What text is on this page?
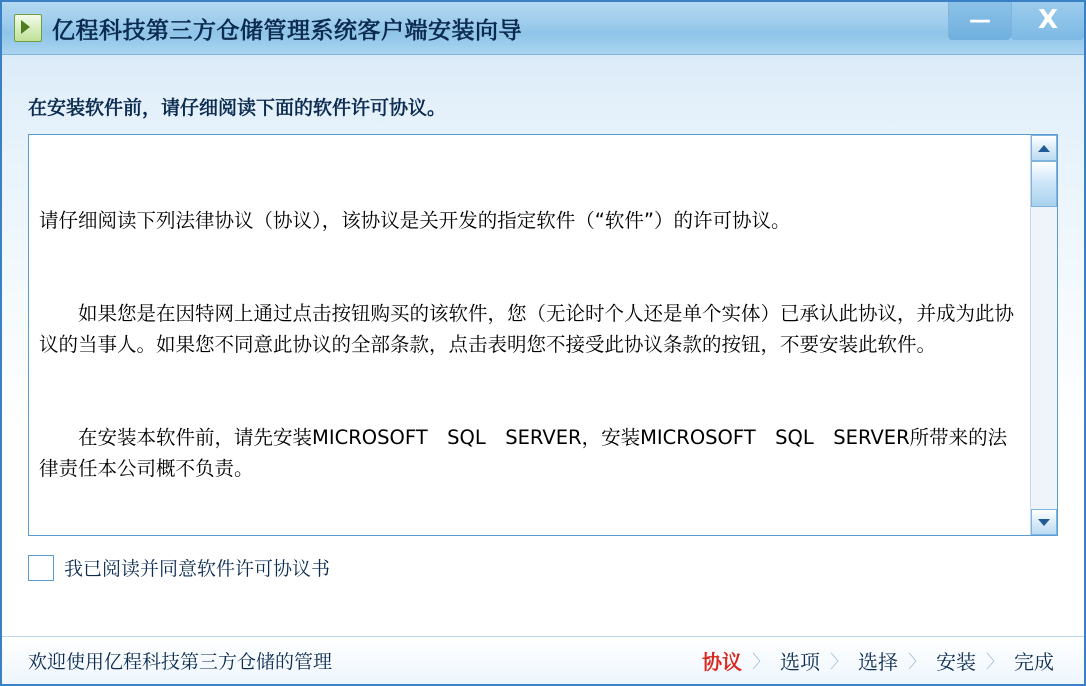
亿程科技第三方仓储管理系统客户端安装向导	—	X
在安装软件前，请仔细阅读下面的软件许可协议。

请仔细阅读下列法律协议（协议），该协议是关开发的指定软件（“软件”）的许可协议。

如果您是在因特网上通过点击按钮购买的该软件，您（无论时个人还是单个实体）已承认此协议，并成为此协议的当事人。如果您不同意此协议的全部条款，点击表明您不接受此协议条款的按钮，不要安装此软件。

在安装本软件前，请先安装MICROSOFT　SQL　SERVER，安装MICROSOFT　SQL　SERVER所带来的法律责任本公司概不负责。

我已阅读并同意软件许可协议书
欢迎使用亿程科技第三方仓储的管理	协议 〉 选项 〉 选择 〉 安装 〉 完成
